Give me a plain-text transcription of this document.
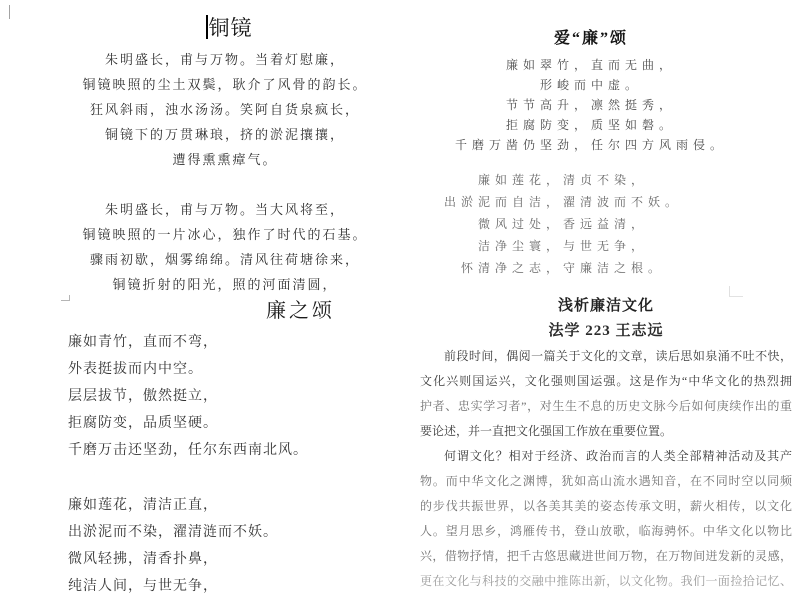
铜镜
朱明盛长，甫与万物。当着灯慰廉，
铜镜映照的尘土双鬓，耿介了风骨的韵长。
狂风斜雨，浊水汤汤。笑阿自货泉疯长，
铜镜下的万贯琳琅，挤的淤泥攘攘，
遭得熏熏瘴气。
朱明盛长，甫与万物。当大风将至，
铜镜映照的一片冰心，独作了时代的石基。
骤雨初歇，烟雾绵绵。清风往荷塘徐来，
铜镜折射的阳光，照的河面清圆，
廉之颂
廉如青竹，直而不弯，
外表挺拔而内中空。
层层拔节，傲然挺立，
拒腐防变，品质坚硬。
千磨万击还坚劲，任尔东西南北风。
廉如莲花，清洁正直，
出淤泥而不染，濯清涟而不妖。
微风轻拂，清香扑鼻，
纯洁人间，与世无争，
爱“廉”颂
廉如翠竹，直而无曲，
形峻而中虚。
节节高升，凛然挺秀，
拒腐防变，质坚如磐。
千磨万凿仍坚劲，任尔四方风雨侵。
廉如莲花，清贞不染，
出淤泥而自洁，濯清波而不妖。
微风过处，香远益清，
洁净尘寰，与世无争，
怀清净之志，守廉洁之根。
浅析廉洁文化
法学 223 王志远
前段时间，偶阅一篇关于文化的文章，读后思如泉涌不吐不快，
文化兴则国运兴，文化强则国运强。这是作为“中华文化的热烈拥
护者、忠实学习者”，对生生不息的历史文脉今后如何庚续作出的重
要论述，并一直把文化强国工作放在重要位置。
何谓文化？相对于经济、政治而言的人类全部精神活动及其产
物。而中华文化之渊博，犹如高山流水遇知音，在不同时空以同频
的步伐共振世界，以各美其美的姿态传承文明，薪火相传，以文化
人。望月思乡，鸿雁传书，登山放歌，临海骋怀。中华文化以物比
兴，借物抒情，把千古悠思藏进世间万物，在万物间迸发新的灵感，
更在文化与科技的交融中推陈出新，以文化物。我们一面捡拾记忆、
